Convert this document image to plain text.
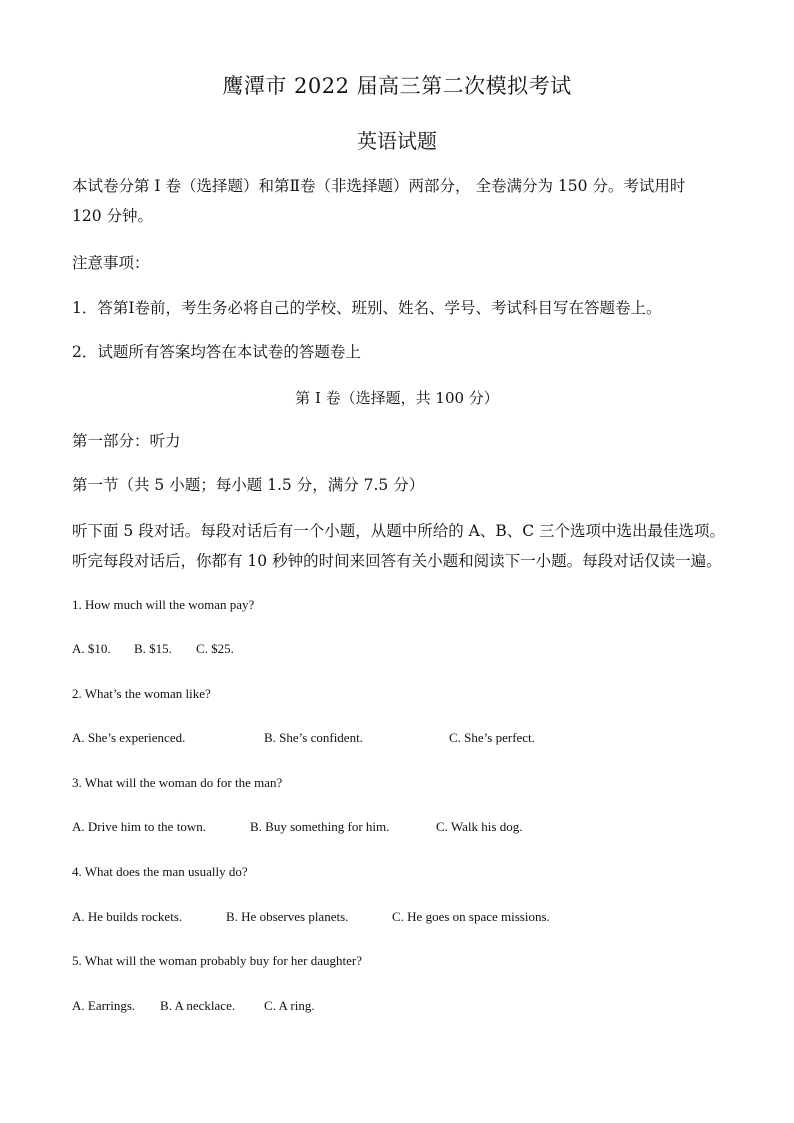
鹰潭市 2022 届高三第二次模拟考试
英语试题
本试卷分第 I 卷（选择题）和第Ⅱ卷（非选择题）两部分， 全卷满分为 150 分。考试用时
120 分钟。
注意事项：
1．答第Ⅰ卷前，考生务必将自己的学校、班别、姓名、学号、考试科目写在答题卷上。
2．试题所有答案均答在本试卷的答题卷上
第 I 卷（选择题，共 100 分）
第一部分：听力
第一节（共 5 小题；每小题 1.5 分，满分 7.5 分）
听下面 5 段对话。每段对话后有一个小题，从题中所给的 A、B、C 三个选项中选出最佳选项。
听完每段对话后，你都有 10 秒钟的时间来回答有关小题和阅读下一小题。每段对话仅读一遍。
1. How much will the woman pay?
A. $10.	B. $15.	C. $25.
2. What’s the woman like?
A. She’s experienced.	B. She’s confident.	C. She’s perfect.
3. What will the woman do for the man?
A. Drive him to the town.	B. Buy something for him.	C. Walk his dog.
4. What does the man usually do?
A. He builds rockets.	B. He observes planets.	C. He goes on space missions.
5. What will the woman probably buy for her daughter?
A. Earrings.	B. A necklace.	C. A ring.
